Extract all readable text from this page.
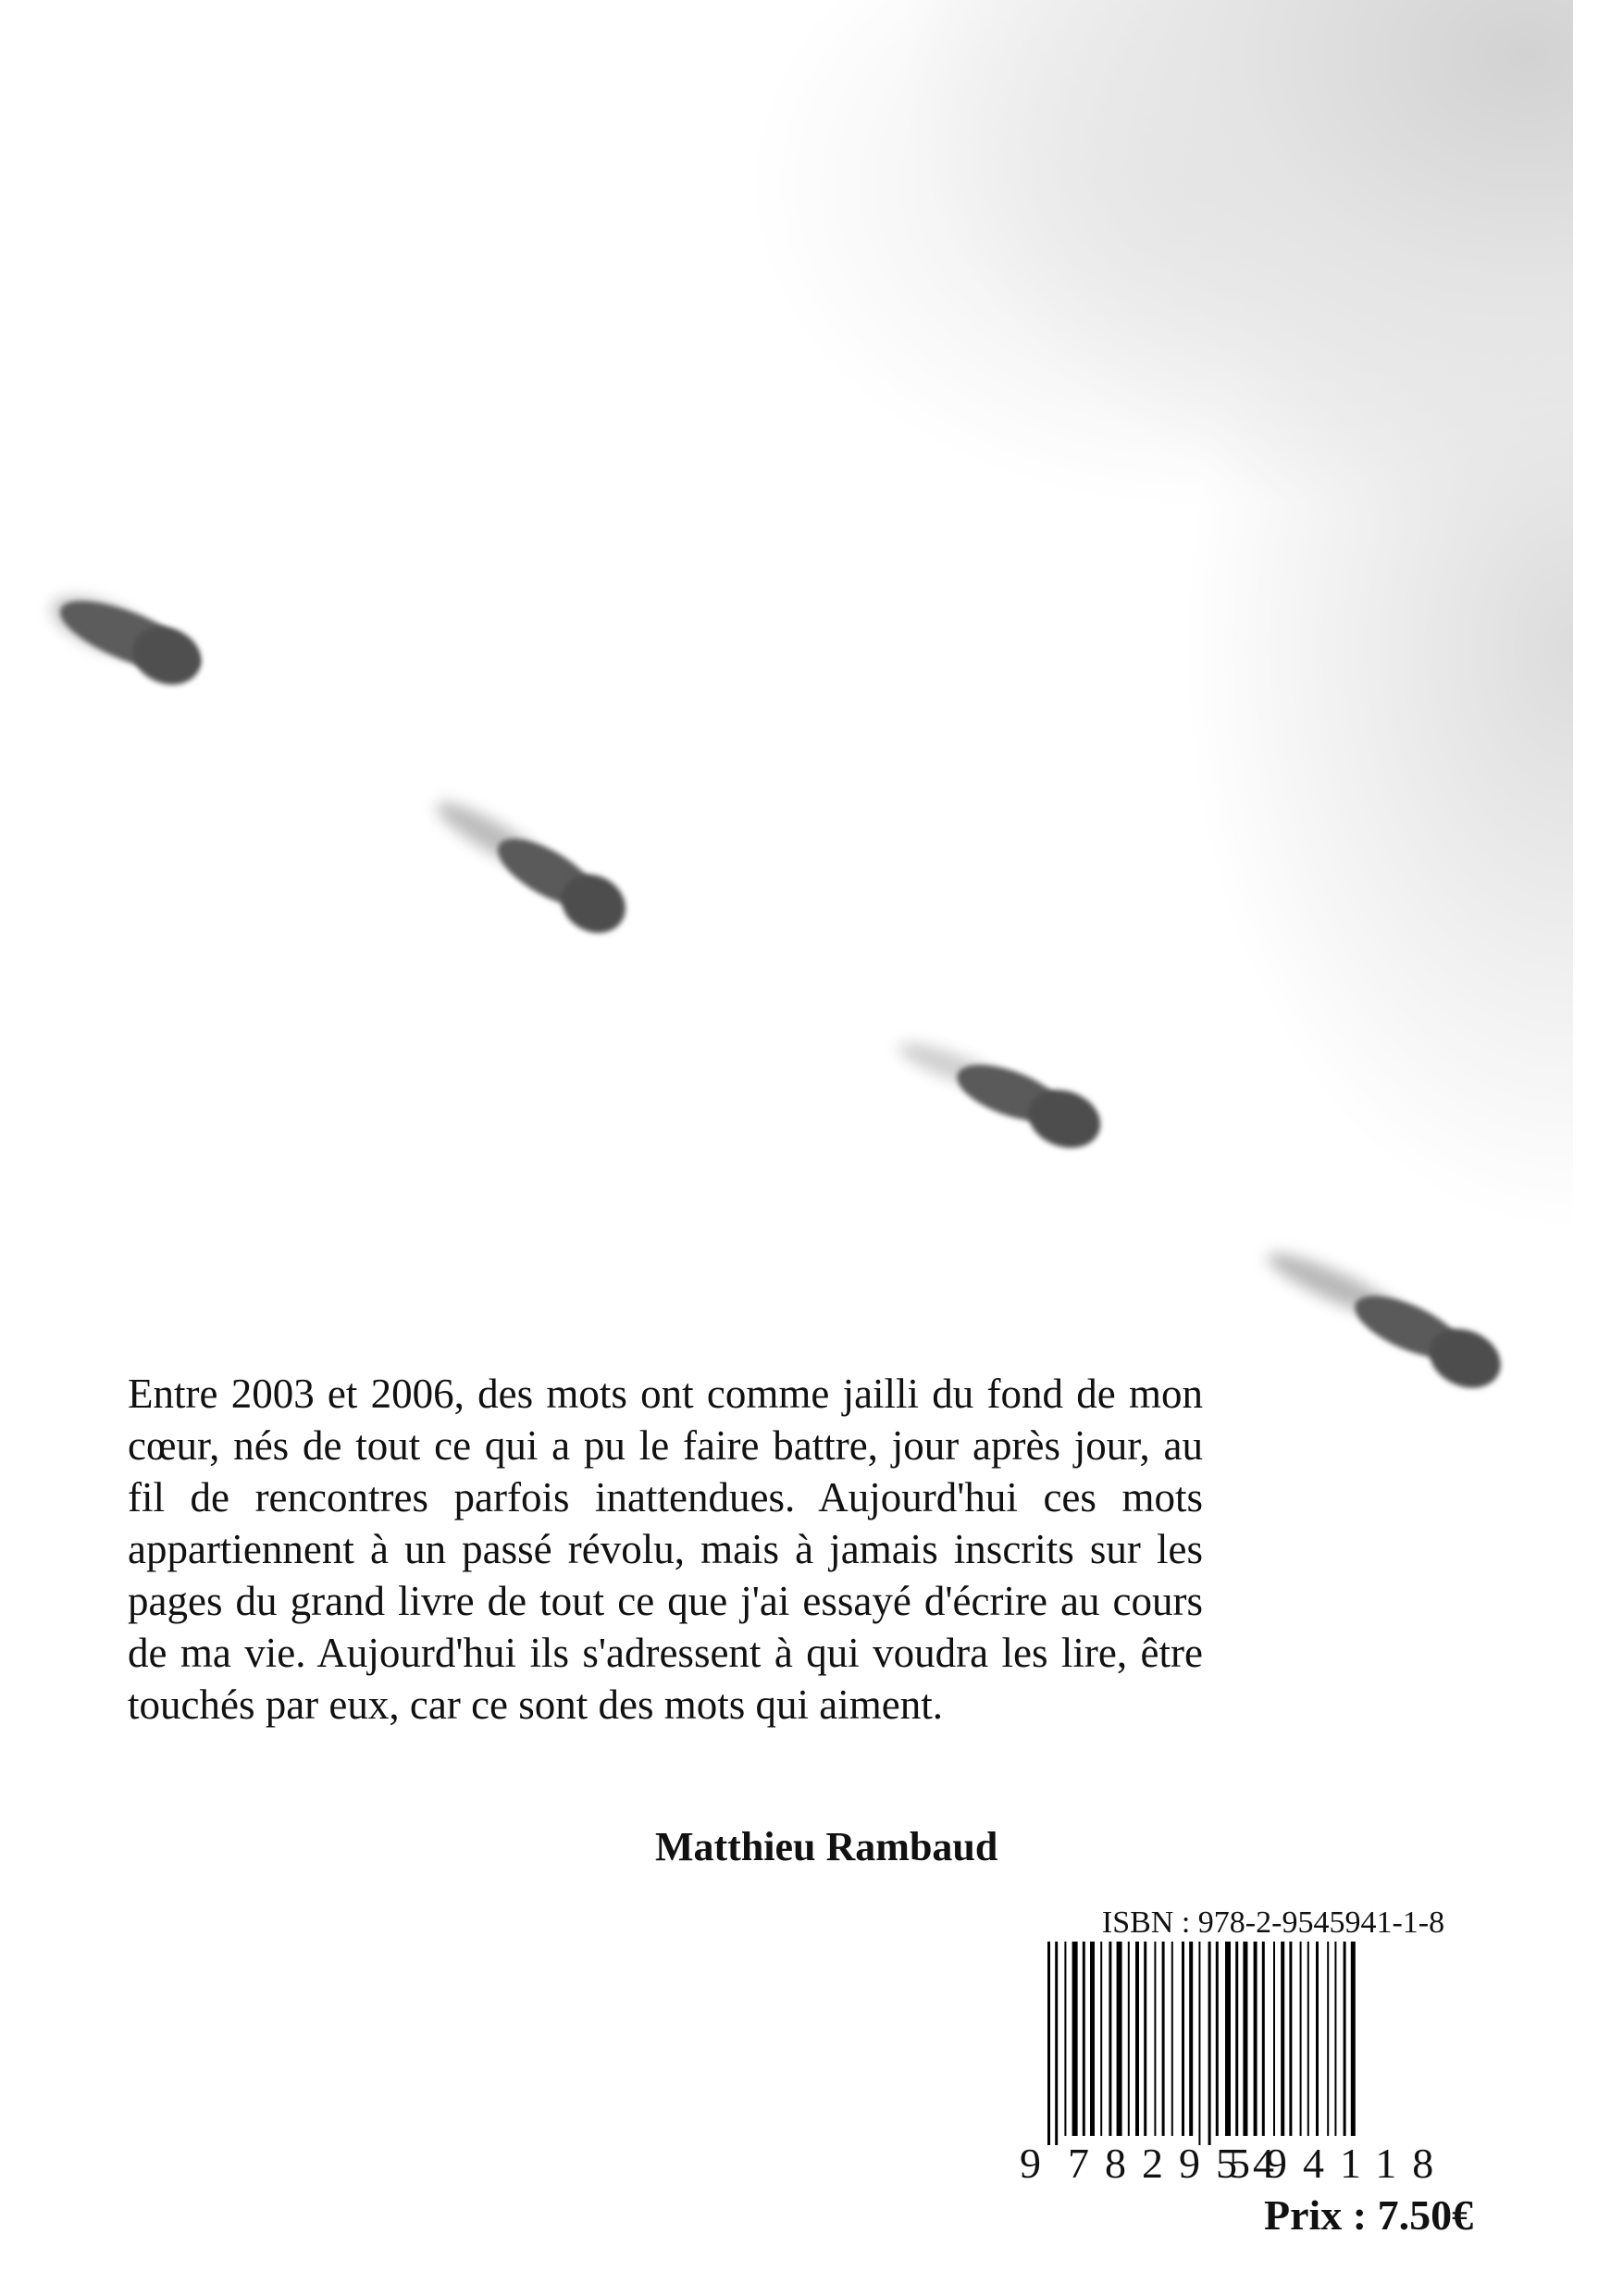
Entre 2003 et 2006, des mots ont comme jailli du fond de mon cœur, nés de tout ce qui a pu le faire battre, jour après jour, au fil de rencontres parfois inattendues. Aujourd'hui ces mots appartiennent à un passé révolu, mais à jamais inscrits sur les pages du grand livre de tout ce que j'ai essayé d'écrire au cours de ma vie. Aujourd'hui ils s'adressent à qui voudra les lire, être touchés par eux, car ce sont des mots qui aiment.

Matthieu Rambaud
ISBN : 978-2-9545941-1-8
9 782954
594118
Prix : 7.50€
